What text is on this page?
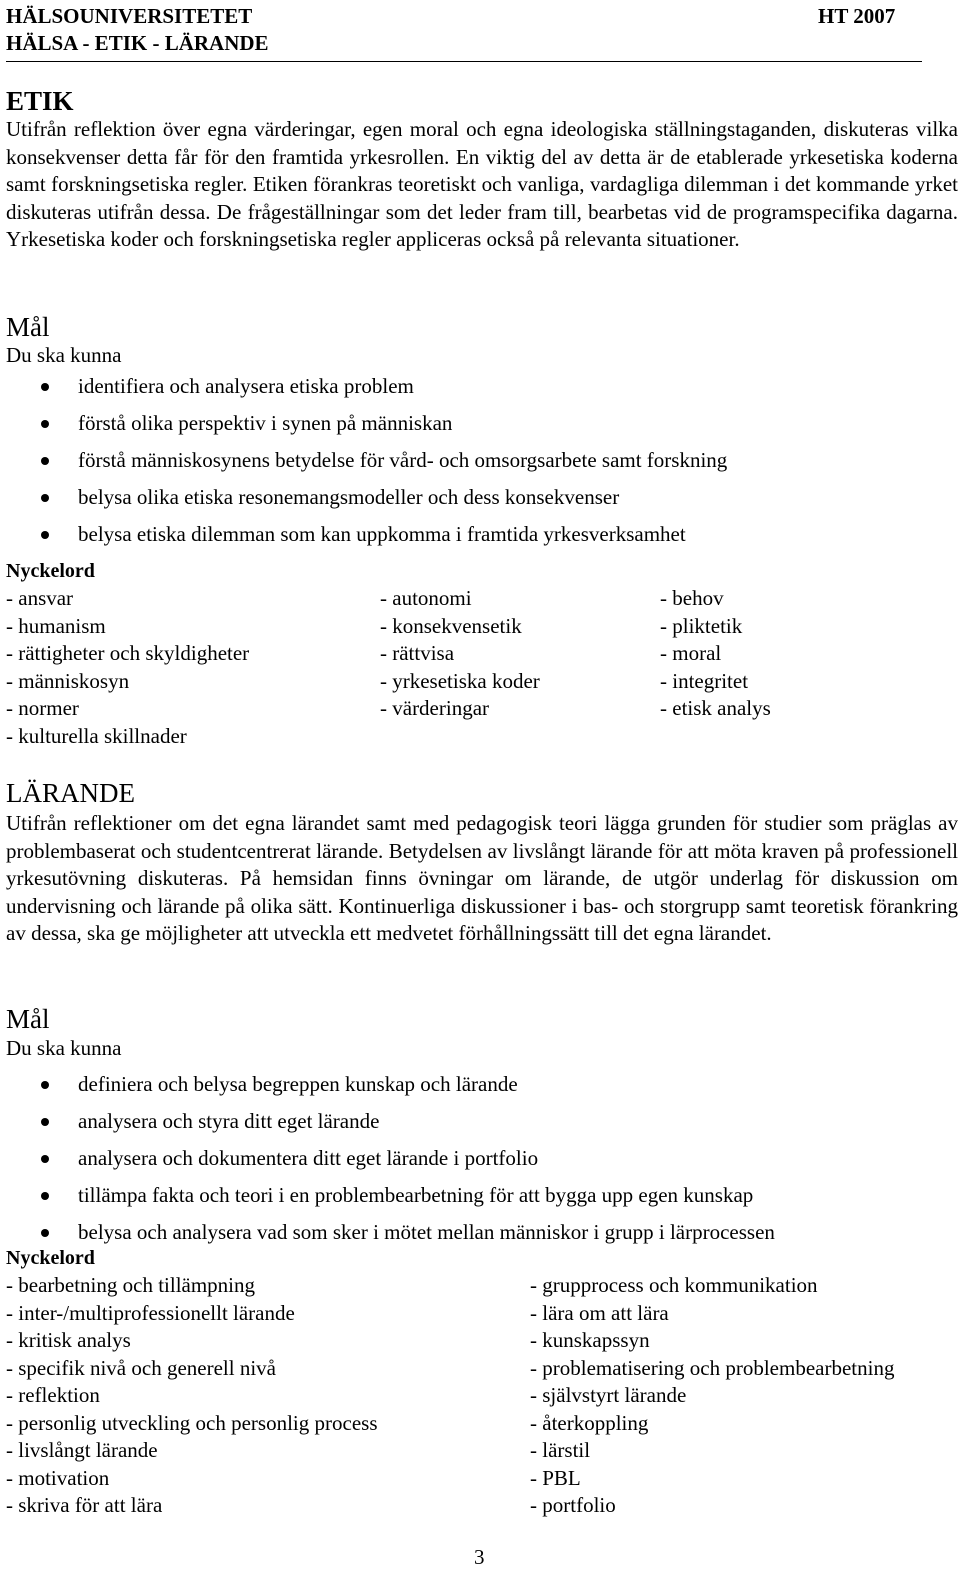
HÄLSOUNIVERSITETET	HT 2007
HÄLSA - ETIK - LÄRANDE
ETIK
Utifrån reflektion över egna värderingar, egen moral och egna ideologiska ställningstaganden, diskuteras vilka konsekvenser detta får för den framtida yrkesrollen. En viktig del av detta är de etablerade yrkesetiska koderna samt forskningsetiska regler. Etiken förankras teoretiskt och vanliga, vardagliga dilemman i det kommande yrket diskuteras utifrån dessa. De frågeställningar som det leder fram till, bearbetas vid de programspecifika dagarna. Yrkesetiska koder och forskningsetiska regler appliceras också på relevanta situationer.
Mål
Du ska kunna
identifiera och analysera etiska problem
förstå olika perspektiv i synen på människan
förstå människosynens betydelse för vård- och omsorgsarbete samt forskning
belysa olika etiska resonemangsmodeller och dess konsekvenser
belysa etiska dilemman som kan uppkomma i framtida yrkesverksamhet
Nyckelord
- ansvar
- humanism
- rättigheter och skyldigheter
- människosyn
- normer
- kulturella skillnader
- autonomi
- konsekvensetik
- rättvisa
- yrkesetiska koder
- värderingar
- behov
- pliktetik
- moral
- integritet
- etisk analys
LÄRANDE
Utifrån reflektioner om det egna lärandet samt med pedagogisk teori lägga grunden för studier som präglas av problembaserat och studentcentrerat lärande. Betydelsen av livslångt lärande för att möta kraven på professionell yrkesutövning diskuteras. På hemsidan finns övningar om lärande, de utgör underlag för diskussion om undervisning och lärande på olika sätt. Kontinuerliga diskussioner i bas- och storgrupp samt teoretisk förankring av dessa, ska ge möjligheter att utveckla ett medvetet förhållningssätt till det egna lärandet.
Mål
Du ska kunna
definiera och belysa begreppen kunskap och lärande
analysera och styra ditt eget lärande
analysera och dokumentera ditt eget lärande i portfolio
tillämpa fakta och teori i en problembearbetning för att bygga upp egen kunskap
belysa och analysera vad som sker i mötet mellan människor i grupp i lärprocessen
Nyckelord
- bearbetning och tillämpning
- inter-/multiprofessionellt lärande
- kritisk analys
- specifik nivå och generell nivå
- reflektion
- personlig utveckling och personlig process
- livslångt lärande
- motivation
- skriva för att lära
- grupprocess och kommunikation
- lära om att lära
- kunskapssyn
- problematisering och problembearbetning
- självstyrt lärande
- återkoppling
- lärstil
- PBL
- portfolio
3
